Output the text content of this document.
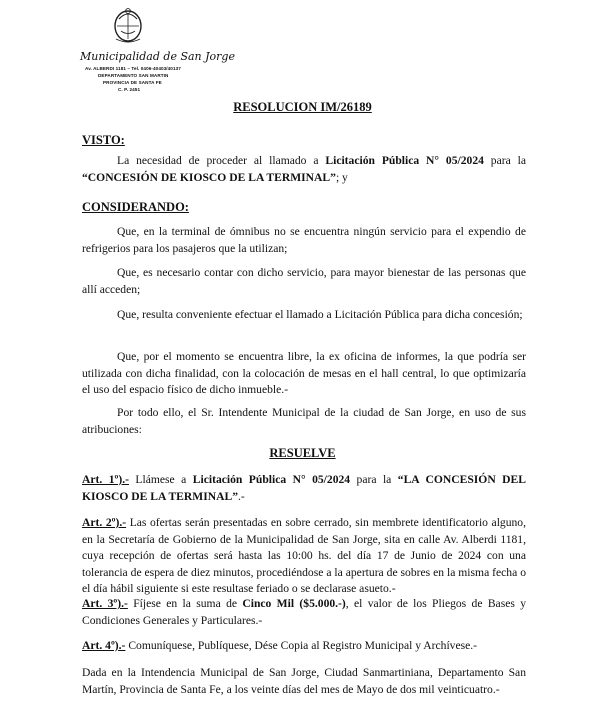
Municipalidad de San Jorge
Av. ALBERDI 1181 – Tel. 0406-40403/40137
DEPARTAMENTO SAN MARTIN
PROVINCIA DE SANTA FE
C. P. 2451
RESOLUCION IM/26189
VISTO:

La necesidad de proceder al llamado a Licitación Pública N° 05/2024 para la “CONCESIÓN DE KIOSCO DE LA TERMINAL”; y

CONSIDERANDO:

Que, en la terminal de ómnibus no se encuentra ningún servicio para el expendio de refrigerios para los pasajeros que la utilizan;

Que, es necesario contar con dicho servicio, para mayor bienestar de las personas que allí acceden;

Que, resulta conveniente efectuar el llamado a Licitación Pública para dicha concesión;

Que, por el momento se encuentra libre, la ex oficina de informes, la que podría ser utilizada con dicha finalidad, con la colocación de mesas en el hall central, lo que optimizaría el uso del espacio físico de dicho inmueble.-

Por todo ello, el Sr. Intendente Municipal de la ciudad de San Jorge, en uso de sus atribuciones:

RESUELVE

Art. 1º).- Llámese a Licitación Pública N° 05/2024 para la “LA CONCESIÓN DEL KIOSCO DE LA TERMINAL”.-

Art. 2º).- Las ofertas serán presentadas en sobre cerrado, sin membrete identificatorio alguno, en la Secretaría de Gobierno de la Municipalidad de San Jorge, sita en calle Av. Alberdi 1181, cuya recepción de ofertas será hasta las 10:00 hs. del día 17 de Junio de 2024 con una tolerancia de espera de diez minutos, procediéndose a la apertura de sobres en la misma fecha o el día hábil siguiente si este resultase feriado o se declarase asueto.-

Art. 3º).- Fíjese en la suma de Cinco Mil ($5.000.-), el valor de los Pliegos de Bases y Condiciones Generales y Particulares.-

Art. 4º).- Comuníquese, Publíquese, Dése Copia al Registro Municipal y Archívese.-

Dada en la Intendencia Municipal de San Jorge, Ciudad Sanmartiniana, Departamento San Martín, Provincia de Santa Fe, a los veinte días del mes de Mayo de dos mil veinticuatro.-
